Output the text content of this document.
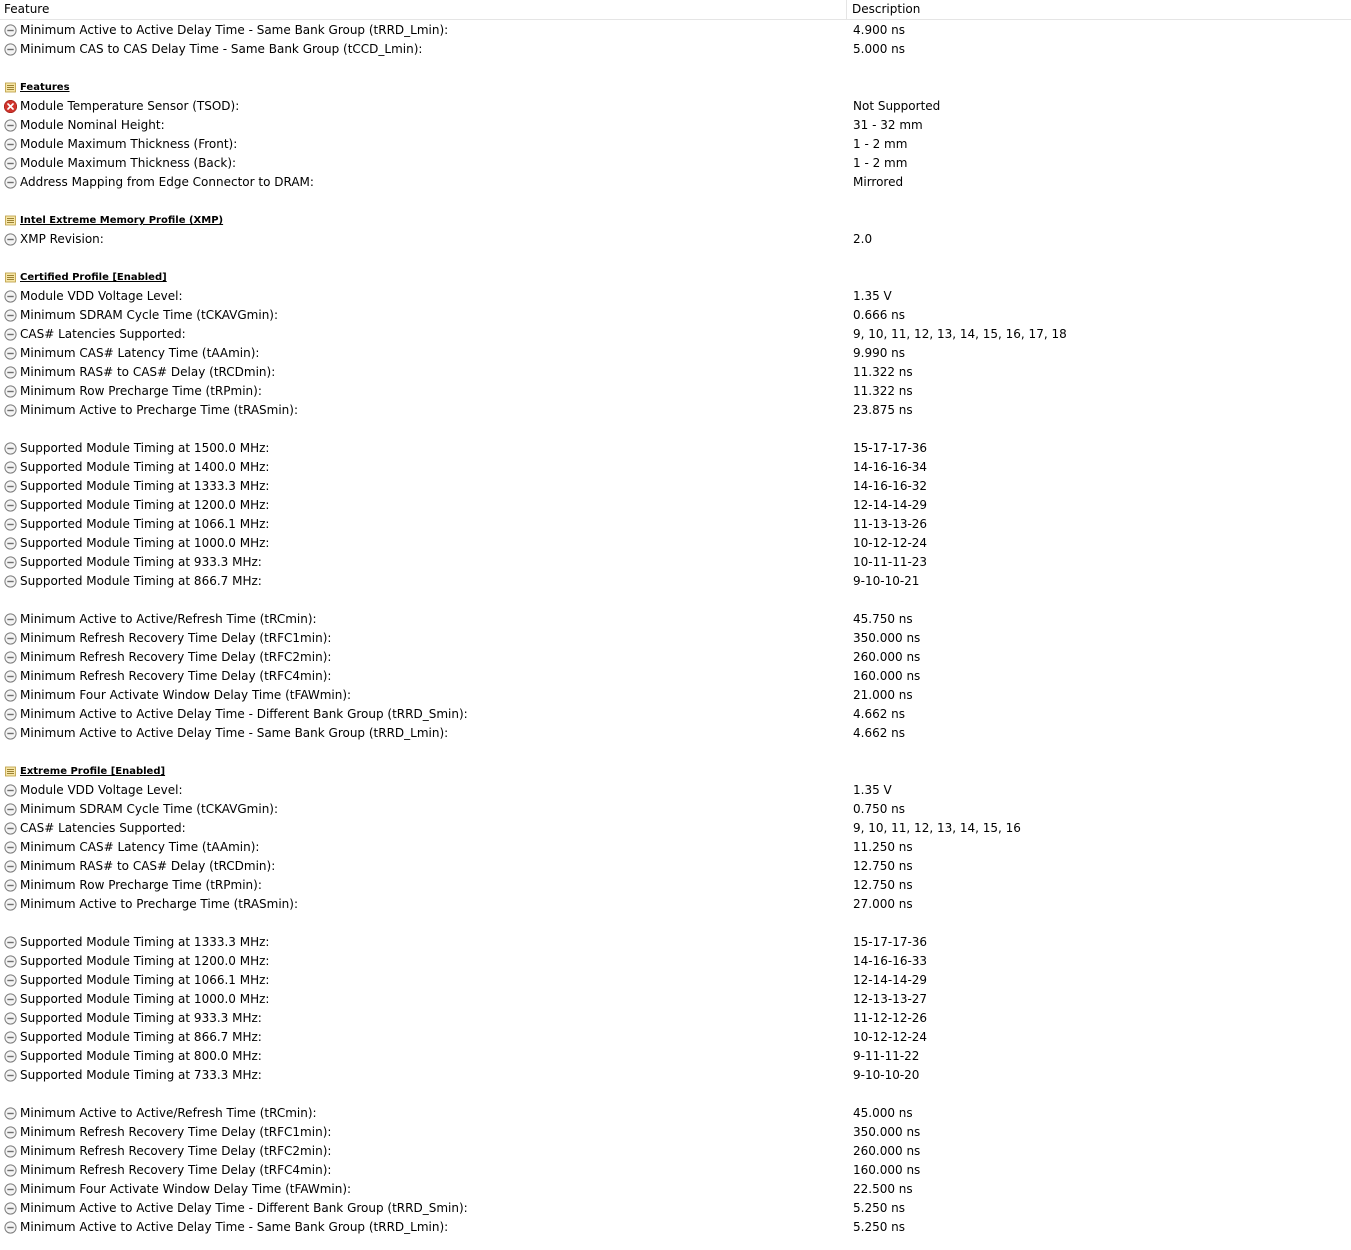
Feature	Description
Minimum Active to Active Delay Time - Same Bank Group (tRRD_Lmin):	4.900 ns
Minimum CAS to CAS Delay Time - Same Bank Group (tCCD_Lmin):	5.000 ns
Features
Module Temperature Sensor (TSOD):	Not Supported
Module Nominal Height:	31 - 32 mm
Module Maximum Thickness (Front):	1 - 2 mm
Module Maximum Thickness (Back):	1 - 2 mm
Address Mapping from Edge Connector to DRAM:	Mirrored
Intel Extreme Memory Profile (XMP)
XMP Revision:	2.0
Certified Profile [Enabled]
Module VDD Voltage Level:	1.35 V
Minimum SDRAM Cycle Time (tCKAVGmin):	0.666 ns
CAS# Latencies Supported:	9, 10, 11, 12, 13, 14, 15, 16, 17, 18
Minimum CAS# Latency Time (tAAmin):	9.990 ns
Minimum RAS# to CAS# Delay (tRCDmin):	11.322 ns
Minimum Row Precharge Time (tRPmin):	11.322 ns
Minimum Active to Precharge Time (tRASmin):	23.875 ns
Supported Module Timing at 1500.0 MHz:	15-17-17-36
Supported Module Timing at 1400.0 MHz:	14-16-16-34
Supported Module Timing at 1333.3 MHz:	14-16-16-32
Supported Module Timing at 1200.0 MHz:	12-14-14-29
Supported Module Timing at 1066.1 MHz:	11-13-13-26
Supported Module Timing at 1000.0 MHz:	10-12-12-24
Supported Module Timing at 933.3 MHz:	10-11-11-23
Supported Module Timing at 866.7 MHz:	9-10-10-21
Minimum Active to Active/Refresh Time (tRCmin):	45.750 ns
Minimum Refresh Recovery Time Delay (tRFC1min):	350.000 ns
Minimum Refresh Recovery Time Delay (tRFC2min):	260.000 ns
Minimum Refresh Recovery Time Delay (tRFC4min):	160.000 ns
Minimum Four Activate Window Delay Time (tFAWmin):	21.000 ns
Minimum Active to Active Delay Time - Different Bank Group (tRRD_Smin):	4.662 ns
Minimum Active to Active Delay Time - Same Bank Group (tRRD_Lmin):	4.662 ns
Extreme Profile [Enabled]
Module VDD Voltage Level:	1.35 V
Minimum SDRAM Cycle Time (tCKAVGmin):	0.750 ns
CAS# Latencies Supported:	9, 10, 11, 12, 13, 14, 15, 16
Minimum CAS# Latency Time (tAAmin):	11.250 ns
Minimum RAS# to CAS# Delay (tRCDmin):	12.750 ns
Minimum Row Precharge Time (tRPmin):	12.750 ns
Minimum Active to Precharge Time (tRASmin):	27.000 ns
Supported Module Timing at 1333.3 MHz:	15-17-17-36
Supported Module Timing at 1200.0 MHz:	14-16-16-33
Supported Module Timing at 1066.1 MHz:	12-14-14-29
Supported Module Timing at 1000.0 MHz:	12-13-13-27
Supported Module Timing at 933.3 MHz:	11-12-12-26
Supported Module Timing at 866.7 MHz:	10-12-12-24
Supported Module Timing at 800.0 MHz:	9-11-11-22
Supported Module Timing at 733.3 MHz:	9-10-10-20
Minimum Active to Active/Refresh Time (tRCmin):	45.000 ns
Minimum Refresh Recovery Time Delay (tRFC1min):	350.000 ns
Minimum Refresh Recovery Time Delay (tRFC2min):	260.000 ns
Minimum Refresh Recovery Time Delay (tRFC4min):	160.000 ns
Minimum Four Activate Window Delay Time (tFAWmin):	22.500 ns
Minimum Active to Active Delay Time - Different Bank Group (tRRD_Smin):	5.250 ns
Minimum Active to Active Delay Time - Same Bank Group (tRRD_Lmin):	5.250 ns
